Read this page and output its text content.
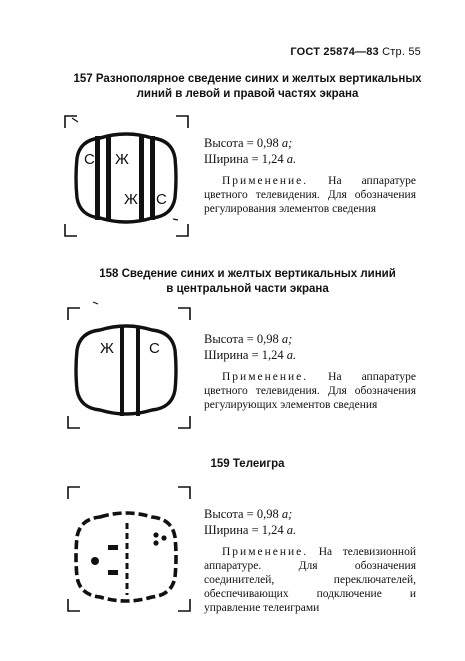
ГОСТ 25874—83 Стр. 55
157 Разнополярное сведение синих и желтых вертикальных
линий в левой и правой частях экрана
С Ж
Ж С
Высота = 0,98 a;
Ширина = 1,24 a.
Применение. На аппаратуре цветного телевидения. Для обозначения регулирования элементов сведения
158 Сведение синих и желтых вертикальных линий
в центральной части экрана
Ж С
Высота = 0,98 a;
Ширина = 1,24 a.
Применение. На аппаратуре цветного телевидения. Для обозначения регулирующих элементов сведения
159 Телеигра
Высота = 0,98 a;
Ширина = 1,24 a.
Применение. На телевизионной аппаратуре. Для обозначения соединителей, переключателей, обеспечивающих подключение и управление телеиграми
